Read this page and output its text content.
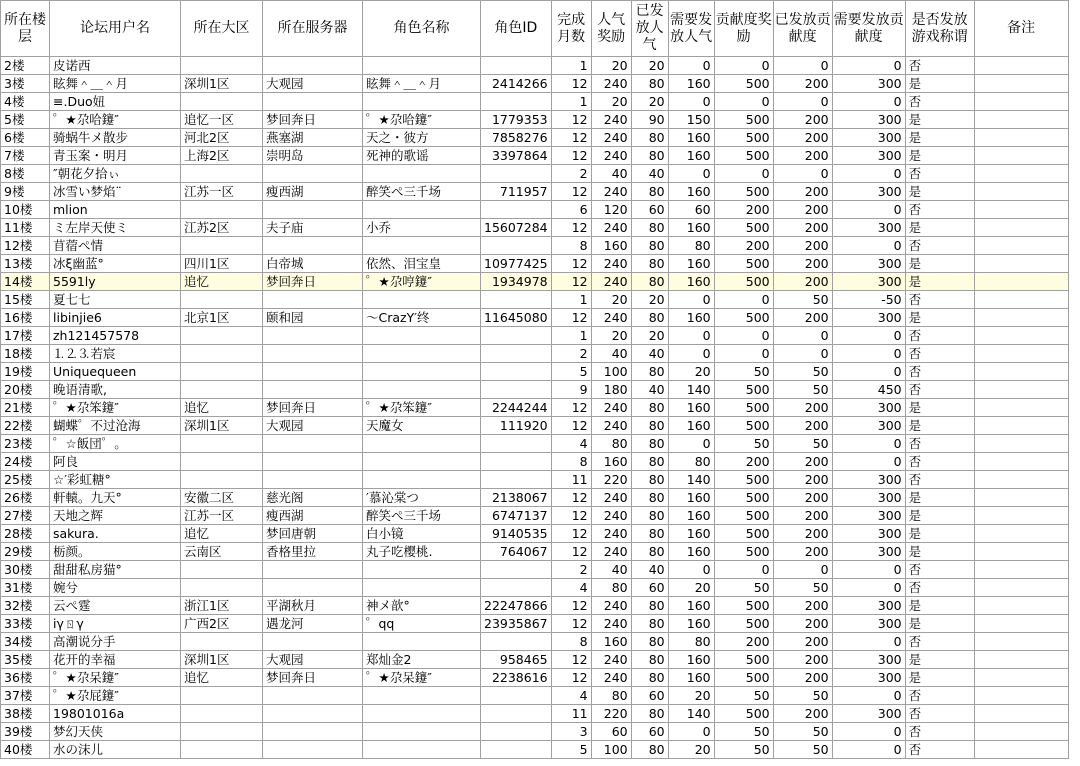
所在楼层	论坛用户名	所在大区	所在服务器	角色名称	角色ID	完成月数	人气奖励	已发放人气	需要发放人气	贡献度奖励	已发放贡献度	需要发放贡献度	是否发放游戏称谓	备注
2楼	皮诺西					1	20	20	0	0	0	0	否	
3楼	眩舞＾＿＾月	深圳1区	大观园	眩舞＾＿＾月	2414266	12	240	80	160	500	200	300	是	
4楼	≡.Duo妞					1	20	20	0	0	0	0	否	
5楼	゜★尕哈鑳″	追忆一区	梦回奔日	゜★尕哈鑳″	1779353	12	240	90	150	500	200	300	是	
6楼	骑蜗牛メ散步	河北2区	燕塞湖	天之・彼方	7858276	12	240	80	160	500	200	300	是	
7楼	青玉案・明月	上海2区	崇明岛	死神的歌谣	3397864	12	240	80	160	500	200	300	是	
8楼	″朝花夕拾ぃ					2	40	40	0	0	0	0	否	
9楼	冰雪い梦焰¨	江苏一区	瘦西湖	醉笑ぺ三千场	711957	12	240	80	160	500	200	300	是	
10楼	mlion					6	120	60	60	200	200	0	否	
11楼	ミ左岸天使ミ	江苏2区	夫子庙	小乔	15607284	12	240	80	160	500	200	300	是	
12楼	苜蓿ぺ情					8	160	80	80	200	200	0	否	
13楼	冰ξ幽蓝°	四川1区	白帝城	依然、泪宝皇	10977425	12	240	80	160	500	200	300	是	
14楼	5591ly	追忆	梦回奔日	゜★尕哼鑳″	1934978	12	240	80	160	500	200	300	是	
15楼	夏七七					1	20	20	0	0	50	-50	否	
16楼	libinjie6	北京1区	颐和园	～CrazY′终	11645080	12	240	80	160	500	200	300	是	
17楼	zh121457578					1	20	20	0	0	0	0	否	
18楼	⒈⒉⒊若宸					2	40	40	0	0	0	0	否	
19楼	Uniquequeen					5	100	80	20	50	50	0	否	
20楼	晚语清歌,					9	180	40	140	500	50	450	否	
21楼	゜★尕笨鑳″	追忆	梦回奔日	゜★尕笨鑳″	2244244	12	240	80	160	500	200	300	是	
22楼	蝴蝶゜不过沧海	深圳1区	大观园	天魔女	111920	12	240	80	160	500	200	300	是	
23楼	゜☆飯団゜。					4	80	80	0	50	50	0	否	
24楼	阿良					8	160	80	80	200	200	0	否	
25楼	☆′彩虹糖°					11	220	80	140	500	200	300	否	
26楼	軒轅。九天°	安徽二区	慈光阁	′慕沁棠つ	2138067	12	240	80	160	500	200	300	是	
27楼	天地之辉	江苏一区	瘦西湖	醉笑ぺ三千场	6747137	12	240	80	160	500	200	300	是	
28楼	sakura.	追忆	梦回唐朝	白小镜	9140535	12	240	80	160	500	200	300	是	
29楼	栃颜。	云南区	香格里拉	丸子吃樱桃.	764067	12	240	80	160	500	200	300	是	
30楼	甜甜私房猫°					2	40	40	0	0	0	0	否	
31楼	婉兮					4	80	60	20	50	50	0	否	
32楼	云ぺ霆	浙江1区	平湖秋月	神メ歆°	22247866	12	240	80	160	500	200	300	是	
33楼	iγㄖγ	广西2区	遇龙河	゜qq	23935867	12	240	80	160	500	200	300	是	
34楼	高潮说分手					8	160	80	80	200	200	0	否	
35楼	花开的幸福	深圳1区	大观园	郑灿金2	958465	12	240	80	160	500	200	300	是	
36楼	゜★尕呆鑳″	追忆	梦回奔日	゜★尕呆鑳″	2238616	12	240	80	160	500	200	300	是	
37楼	゜★尕屁鑳″					4	80	60	20	50	50	0	否	
38楼	19801016a					11	220	80	140	500	200	300	否	
39楼	梦幻天侠					3	60	60	0	50	50	0	否	
40楼	水の沫儿					5	100	80	20	50	50	0	否	
